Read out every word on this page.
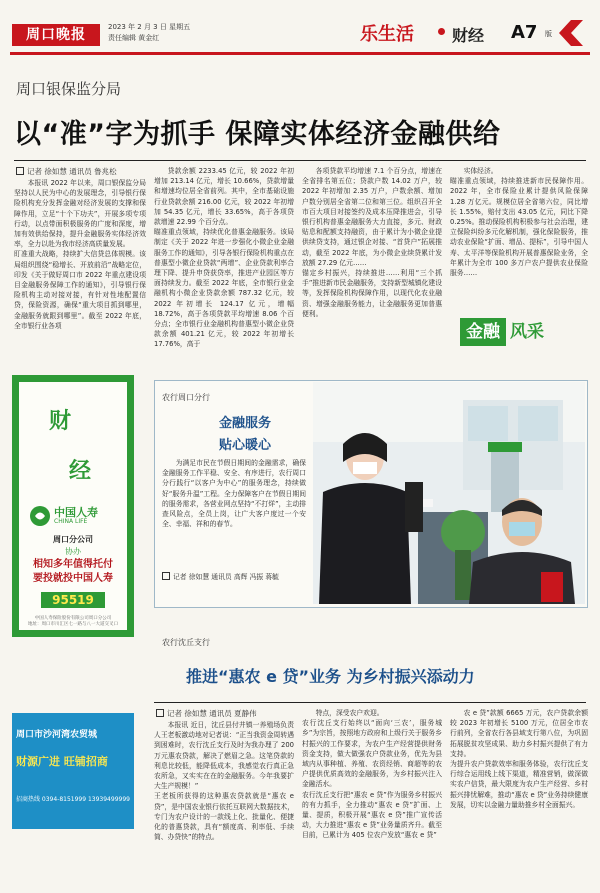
周口晚报	2023 年 2 月 3 日 星期五
责任编辑 黄金红	乐生活 财经 A7 版
周口银保监分局
以“准”字为抓手 保障实体经济金融供给
记者 徐如慧 通讯员 鲁兆松

本报讯 2022 年以来，周口银保监分局坚持以人民为中心的发展理念，引导银行保险机构充分发挥金融对经济发展的支撑和保障作用，立足“十个下功夫”，开展多项专项行动，以点带面积极服务的广度和深度，增加有效供给保持，提升金融服务实体经济效率，全力以赴为我市经济高质量发展。
盯准重大战略，持续扩大信贷总体规模。该局组织围绕“稳增长、开放前沿”战略定位，印发《关于做好周口市 2022 年重点建设项目金融服务保障工作的通知》，引导银行保险机构主动对接对接，有针对性地配置信贷，保险资源，确保“重大项目抓到哪里，金融服务就跟到哪里”。截至 2022 年底，全市银行业各项

贷款余额 2233.45 亿元，较 2022 年初增加 213.14 亿元，增长 10.66%，贷款增量和增速均位居全省前列。其中，全市基础设施行业贷款余额 216.00 亿元，较 2022 年初增加 54.35 亿元，增长 33.65%，高于各项贷款增速 22.99 个百分点。
瞄准重点领域，持续优化普惠金融服务。该局制定《关于 2022 年进一步强化小微企业金融服务工作的通知》，引导各银行保险机构重点在普惠型小微企业贷款“两增”、企业贷款利率合理下降、提升申贷获贷率，推进产业园区等方面持续发力。截至 2022 年底，全市银行业金融机构小微企业贷款余额 787.32 亿元，较 2022 年初增长 124.17 亿元，增幅 18.72%，高于各项贷款平均增速 8.06 个百分点；全市银行业金融机构普惠型小微企业贷款余额 401.21 亿元，较 2022 年初增长 17.76%，高于

各项贷款平均增速 7.1 个百分点，增速在全省排名第五位；贷款户数 14.02 万户，较 2022 年初增加 2.35 万户，户数余额、增加户数分别居全省第二位和第三位。组织召开全市百大项目对接签约及成本压降推进会，引导银行机构普惠金融服务大力直接，多元、财政贴息和配额支持融资，由于累计为小微企业提供续贷支持，通过银企对接、“首贷户”拓展推动，截至 2022 年底，为小微企业续贷累计发放额 27.29 亿元……
锚定乡村振兴，持续推进……利用“三个抓手”推进新市民金融服务，支持新型城镇化建设等，发挥保险机构保障作用，以现代化农业融资、增强金融服务能力，让金融服务更加普惠便利。

实体经济。
瞄准重点领域，持续推进新市民保障作用。2022 年，全市保险业累计提供风险保障 1.28 万亿元。规模位居全省第六位，同比增长 1.55%，赔付支出 43.05 亿元，同比下降 0.25%。推动保险机构积极参与社会治理，建立保险纠纷多元化解机制，强化保险服务，推动农业保险“扩面、增品、提标”，引导中国人寿、太平洋等保险机构开展普惠保险业务，全年累计为全市 100 多万户农户提供农业保险服务……

金融 风采
财
经
中国人寿
CHINA LIFE
周口分公司
协办
相知多年值得托付
要投就投中国人寿
95519
中国人寿保险股份有限公司周口分公司
地址：周口市川汇区七一路与八一大道交叉口
农行周口分行
金融服务
贴心暖心

为满足市民在节假日期间的金融需求，确保金融服务工作平稳、安全、有序进行，农行周口分行践行“以客户为中心”的服务理念，持续做好“服务升温”工程。全力保障客户在节假日期间的服务需求，各营业网点坚持“不打烊”，主动排查风险点，全员上岗，让广大客户度过一个安全、幸福、祥和的春节。

记者 徐如慧 通讯员 高辉 冯振 蒋毓
农行沈丘支行
推进“惠农 e 贷”业务 为乡村振兴添动力
记者 徐如慧 通讯员 夏静伟

本报讯 近日，沈丘县付井镇一养殖场负责人王老板激动地对记者说：“正当我资金周转遇到困难时，农行沈丘支行及时为我办理了 200 万元惠农贷款，解决了燃眉之急。这笔贷款的利息比较低，能降低成本，我感觉农行真正急农所急，又实实在在的金融服务。今年我要扩大生产规模！”
王老板所获得的这种惠农贷款就是“惠农 e 贷”，是中国农业银行依托互联网大数据技术，专门为农户设计的一款线上化、批量化、便捷化的普惠贷款，具有“额度高、利率低、手续简、办贷快”的特点。

特点，深受农户欢迎。
农行沈丘支行始终以“面向‘三农’，服务城乡”为宗旨，按照地方政府和上级行关于服务乡村振兴的工作要求，为农户生产经营提供财务资金支持，做大做强农户贷款业务，优先为县域内从事种植、养殖、农资经销、商超等的农户提供优质高效的金融服务，为乡村振兴注入金融活水。
农行沈丘支行把“惠农 e 贷”作为服务乡村振兴的有力抓手，全力推动“惠农 e 贷”扩面、上量、提质，积极开展“惠农 e 贷”推广宣传活动，大力推进“惠农 e 贷”业务量质齐升。截至目前，已累计为 405 位农户发放“惠农 e 贷”

农 e 贷”款额 6665 万元，农户贷款余额较 2023 年初增长 5100 万元，位居全市农行前列，全省农行各县域支行第八位，为巩固拓展脱贫攻坚成果、助力乡村振兴提供了有力支持。
为提升农户贷款效率和服务体验，农行沈丘支行综合运用线上线下渠道，精准营销，做深做实农户信贷，最大限度为农户生产经营、乡村振兴排忧解难，推动“惠农 e 贷”业务持续健康发展，切实以金融力量助推乡村全面振兴。

周口市沙河湾农贸城
财源广进 旺铺招商
招商热线 0394-8151999 13939499999
